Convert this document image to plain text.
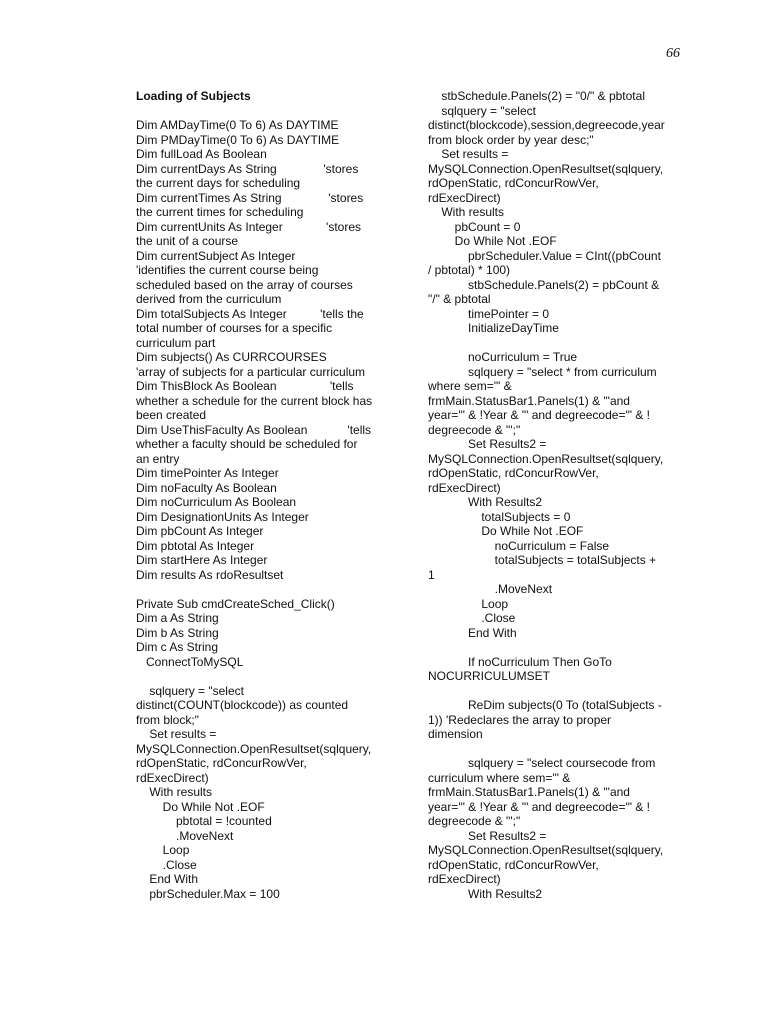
66
Loading of Subjects
Dim AMDayTime(0 To 6) As DAYTIME
Dim PMDayTime(0 To 6) As DAYTIME
Dim fullLoad As Boolean
Dim currentDays As String              'stores
the current days for scheduling
Dim currentTimes As String              'stores
the current times for scheduling
Dim currentUnits As Integer             'stores
the unit of a course
Dim currentSubject As Integer
'identifies the current course being
scheduled based on the array of courses
derived from the curriculum
Dim totalSubjects As Integer          'tells the
total number of courses for a specific
curriculum part
Dim subjects() As CURRCOURSES
'array of subjects for a particular curriculum
Dim ThisBlock As Boolean                'tells
whether a schedule for the current block has
been created
Dim UseThisFaculty As Boolean            'tells
whether a faculty should be scheduled for
an entry
Dim timePointer As Integer
Dim noFaculty As Boolean
Dim noCurriculum As Boolean
Dim DesignationUnits As Integer
Dim pbCount As Integer
Dim pbtotal As Integer
Dim startHere As Integer
Dim results As rdoResultset
Private Sub cmdCreateSched_Click()
Dim a As String
Dim b As String
Dim c As String
ConnectToMySQL
sqlquery = "select
distinct(COUNT(blockcode)) as counted
from block;"
Set results =
MySQLConnection.OpenResultset(sqlquery,
rdOpenStatic, rdConcurRowVer,
rdExecDirect)
With results
Do While Not .EOF
pbtotal = !counted
.MoveNext
Loop
.Close
End With
pbrScheduler.Max = 100
stbSchedule.Panels(2) = "0/" & pbtotal
sqlquery = "select
distinct(blockcode),session,degreecode,year
from block order by year desc;"
Set results =
MySQLConnection.OpenResultset(sqlquery,
rdOpenStatic, rdConcurRowVer,
rdExecDirect)
With results
pbCount = 0
Do While Not .EOF
pbrScheduler.Value = CInt((pbCount
/ pbtotal) * 100)
stbSchedule.Panels(2) = pbCount &
"/" & pbtotal
timePointer = 0
InitializeDayTime
noCurriculum = True
sqlquery = "select * from curriculum
where sem='" &
frmMain.StatusBar1.Panels(1) & "'and
year='" & !Year & "' and degreecode='" & !
degreecode & "';"
Set Results2 =
MySQLConnection.OpenResultset(sqlquery,
rdOpenStatic, rdConcurRowVer,
rdExecDirect)
With Results2
totalSubjects = 0
Do While Not .EOF
noCurriculum = False
totalSubjects = totalSubjects +
1
.MoveNext
Loop
.Close
End With
If noCurriculum Then GoTo
NOCURRICULUMSET
ReDim subjects(0 To (totalSubjects -
1)) 'Redeclares the array to proper
dimension
sqlquery = "select coursecode from
curriculum where sem='" &
frmMain.StatusBar1.Panels(1) & "'and
year='" & !Year & "' and degreecode='" & !
degreecode & "';"
Set Results2 =
MySQLConnection.OpenResultset(sqlquery,
rdOpenStatic, rdConcurRowVer,
rdExecDirect)
With Results2
